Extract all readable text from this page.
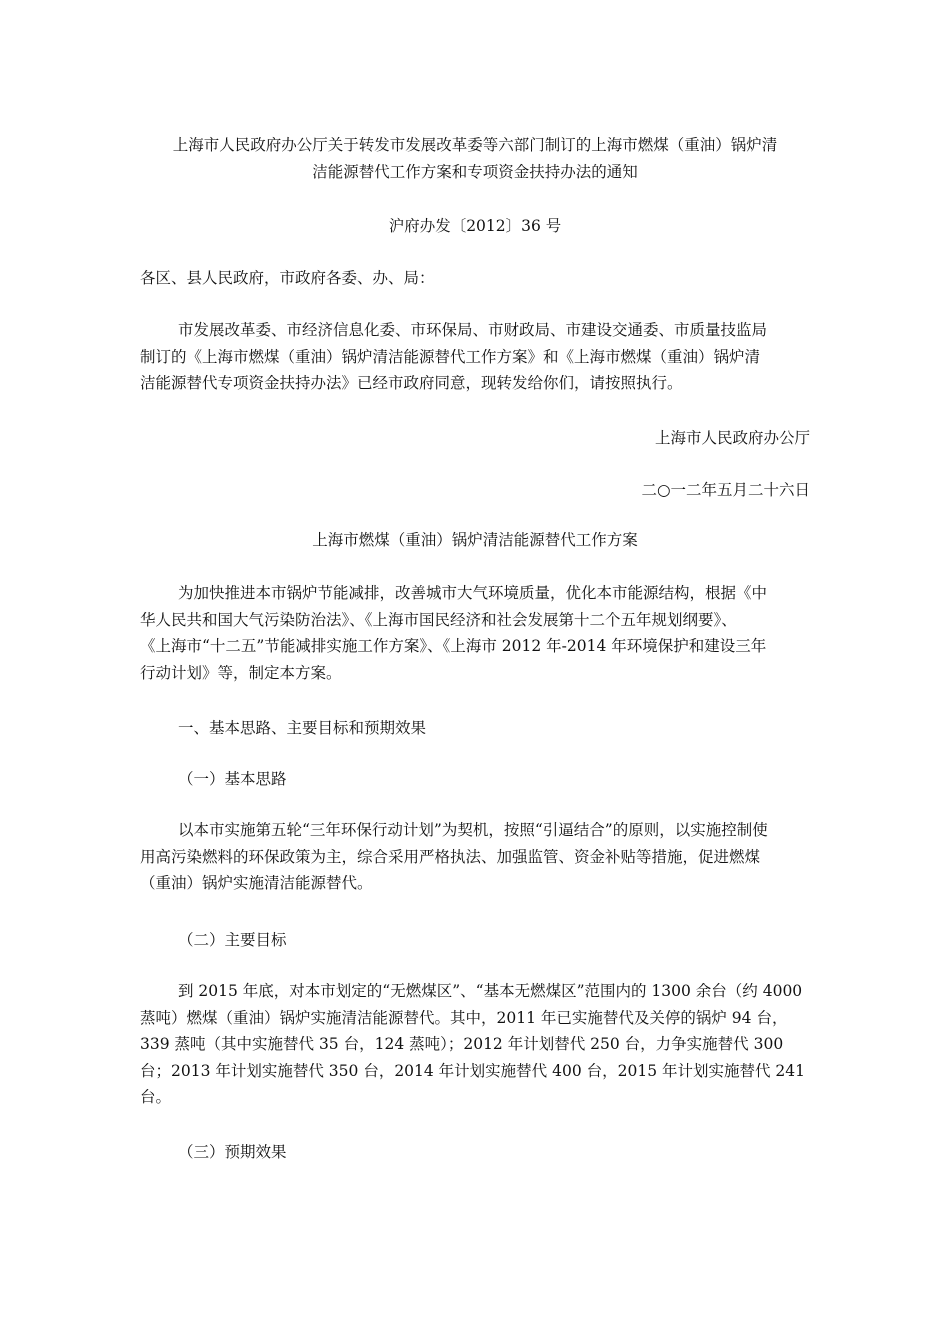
上海市人民政府办公厅关于转发市发展改革委等六部门制订的上海市燃煤（重油）锅炉清
洁能源替代工作方案和专项资金扶持办法的通知
沪府办发〔2012〕36 号
各区、县人民政府，市政府各委、办、局：

市发展改革委、市经济信息化委、市环保局、市财政局、市建设交通委、市质量技监局

制订的《上海市燃煤（重油）锅炉清洁能源替代工作方案》和《上海市燃煤（重油）锅炉清

洁能源替代专项资金扶持办法》已经市政府同意，现转发给你们，请按照执行。

上海市人民政府办公厅
二○一二年五月二十六日
上海市燃煤（重油）锅炉清洁能源替代工作方案

为加快推进本市锅炉节能减排，改善城市大气环境质量，优化本市能源结构，根据《中

华人民共和国大气污染防治法》、《上海市国民经济和社会发展第十二个五年规划纲要》、

《上海市“十二五”节能减排实施工作方案》、《上海市 2012 年-2014 年环境保护和建设三年

行动计划》等，制定本方案。

一、基本思路、主要目标和预期效果
（一）基本思路

以本市实施第五轮“三年环保行动计划”为契机，按照“引逼结合”的原则，以实施控制使

用高污染燃料的环保政策为主，综合采用严格执法、加强监管、资金补贴等措施，促进燃煤

（重油）锅炉实施清洁能源替代。

（二）主要目标

到 2015 年底，对本市划定的“无燃煤区”、“基本无燃煤区”范围内的 1300 余台（约 4000

蒸吨）燃煤（重油）锅炉实施清洁能源替代。其中，2011 年已实施替代及关停的锅炉 94 台，

339 蒸吨（其中实施替代 35 台，124 蒸吨）；2012 年计划替代 250 台，力争实施替代 300

台；2013 年计划实施替代 350 台，2014 年计划实施替代 400 台，2015 年计划实施替代 241

台。

（三）预期效果
